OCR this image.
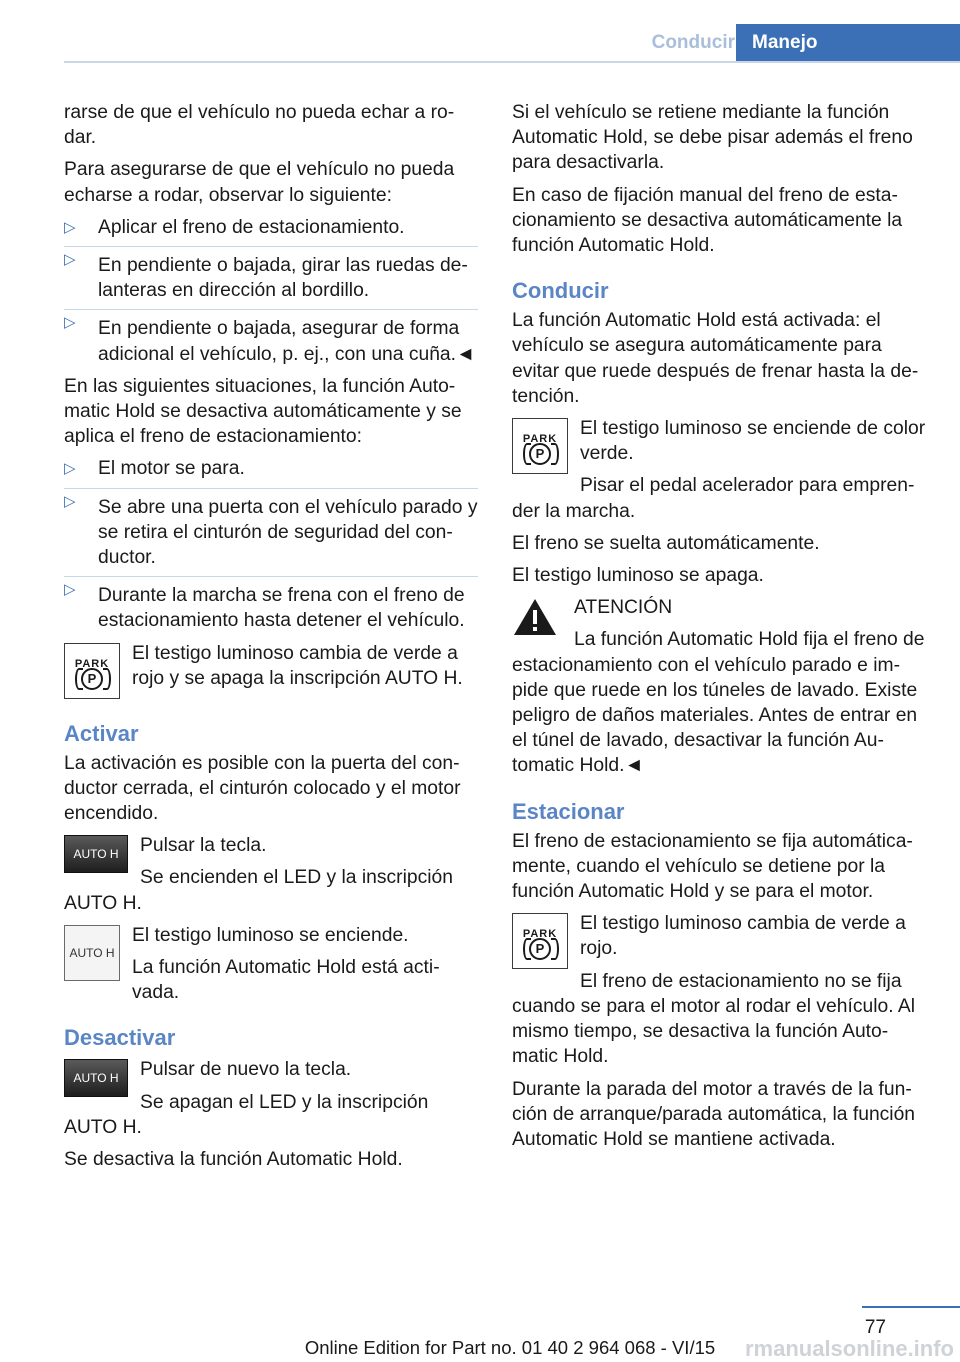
Conducir Manejo

rarse de que el vehículo no pueda echar a rodar.

Para asegurarse de que el vehículo no pueda echarse a rodar, observar lo siguiente:

▷ Aplicar el freno de estacionamiento.
▷ En pendiente o bajada, girar las ruedas delanteras en dirección al bordillo.
▷ En pendiente o bajada, asegurar de forma adicional el vehículo, p. ej., con una cuña.◄

En las siguientes situaciones, la función Automatic Hold se desactiva automáticamente y se aplica el freno de estacionamiento:

▷ El motor se para.
▷ Se abre una puerta con el vehículo parado y se retira el cinturón de seguridad del conductor.
▷ Durante la marcha se frena con el freno de estacionamiento hasta detener el vehículo.
PARK
P
El testigo luminoso cambia de verde a rojo y se apaga la inscripción AUTO H.
Activar

La activación es posible con la puerta del conductor cerrada, el cinturón colocado y el motor encendido.

AUTO H	Pulsar la tecla.

Se encienden el LED y la inscripción AUTO H.
AUTO H

El testigo luminoso se enciende.

La función Automatic Hold está activada.
Desactivar
AUTO H	Pulsar de nuevo la tecla.

Se apagan el LED y la inscripción AUTO H.

Se desactiva la función Automatic Hold.

Si el vehículo se retiene mediante la función Automatic Hold, se debe pisar además el freno para desactivarla.

En caso de fijación manual del freno de estacionamiento se desactiva automáticamente la función Automatic Hold.

Conducir

La función Automatic Hold está activada: el vehículo se asegura automáticamente para evitar que ruede después de frenar hasta la detención.

PARK
P

El testigo luminoso se enciende de color verde.

Pisar el pedal acelerador para emprender la marcha.

El freno se suelta automáticamente.

El testigo luminoso se apaga.

ATENCIÓN

La función Automatic Hold fija el freno de estacionamiento con el vehículo parado e impide que ruede en los túneles de lavado. Existe peligro de daños materiales. Antes de entrar en el túnel de lavado, desactivar la función Automatic Hold.◄
Estacionar

El freno de estacionamiento se fija automáticamente, cuando el vehículo se detiene por la función Automatic Hold y se para el motor.

PARK
P

El testigo luminoso cambia de verde a rojo.

El freno de estacionamiento no se fija cuando se para el motor al rodar el vehículo. Al mismo tiempo, se desactiva la función Automatic Hold.

Durante la parada del motor a través de la función de arranque/parada automática, la función Automatic Hold se mantiene activada.

77
Online Edition for Part no. 01 40 2 964 068 - VI/15	rmanualsonline.info
